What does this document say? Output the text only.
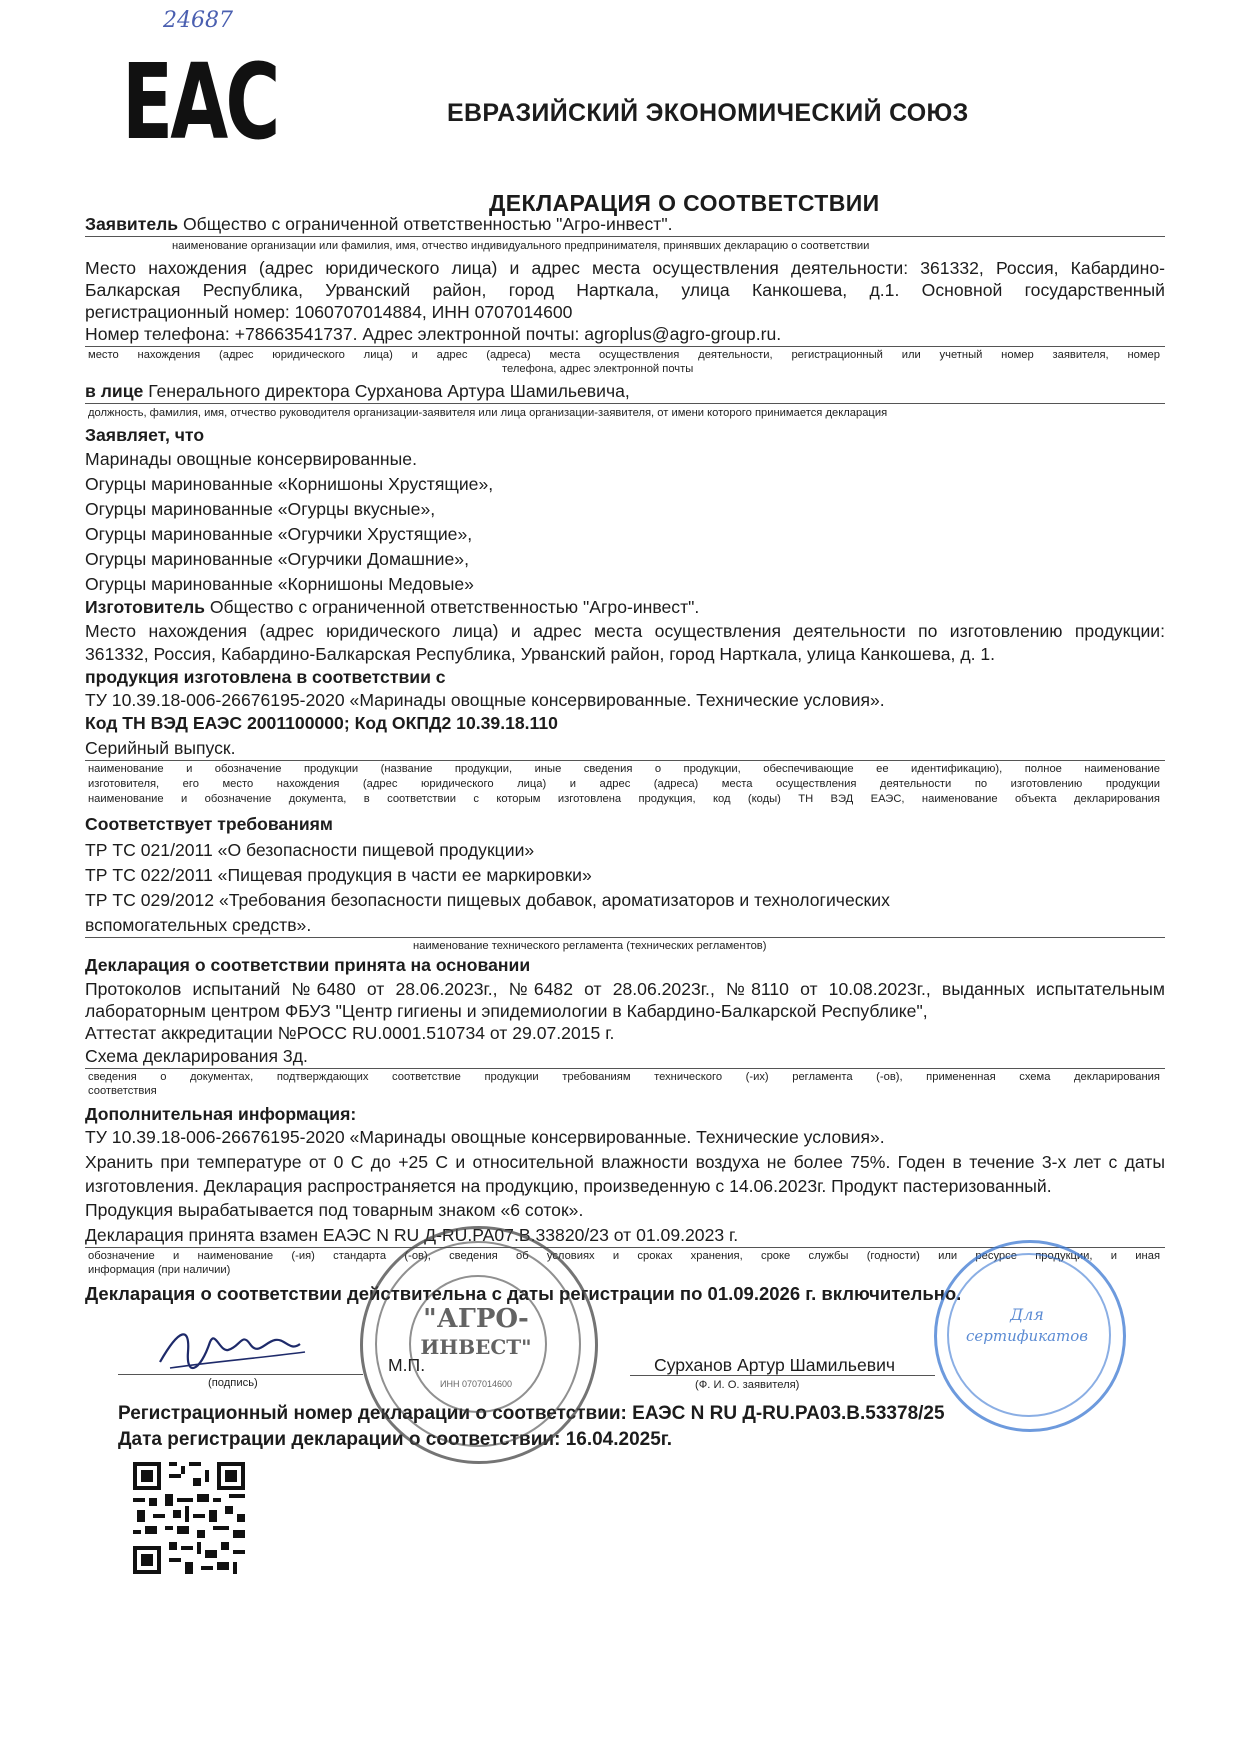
24687
ЕАС	ЕВРАЗИЙСКИЙ ЭКОНОМИЧЕСКИЙ СОЮЗ
ДЕКЛАРАЦИЯ О СООТВЕТСТВИИ
Заявитель Общество с ограниченной ответственностью "Агро-инвест".
наименование организации или фамилия, имя, отчество индивидуального предпринимателя, принявших декларацию о соответствии
Место нахождения (адрес юридического лица) и адрес места осуществления деятельности: 361332, Россия, Кабардино-
Балкарская Республика, Урванский район, город Нарткала, улица Канкошева, д.1. Основной государственный
регистрационный номер: 1060707014884, ИНН 0707014600
Номер телефона: +78663541737. Адрес электронной почты: agroplus@agro-group.ru.
место нахождения (адрес юридического лица) и адрес (адреса) места осуществления деятельности, регистрационный или учетный номер заявителя, номер
телефона, адрес электронной почты
в лице Генерального директора Сурханова Артура Шамильевича,
должность, фамилия, имя, отчество руководителя организации-заявителя или лица организации-заявителя, от имени которого принимается декларация
Заявляет, что
Маринады овощные консервированные.
Огурцы маринованные «Корнишоны Хрустящие»,
Огурцы маринованные «Огурцы вкусные»,
Огурцы маринованные «Огурчики Хрустящие»,
Огурцы маринованные «Огурчики Домашние»,
Огурцы маринованные «Корнишоны Медовые»
Изготовитель Общество с ограниченной ответственностью "Агро-инвест".
Место нахождения (адрес юридического лица) и адрес места осуществления деятельности по изготовлению продукции:
361332, Россия, Кабардино-Балкарская Республика, Урванский район, город Нарткала, улица Канкошева, д. 1.
продукция изготовлена в соответствии с
ТУ 10.39.18-006-26676195-2020 «Маринады овощные консервированные. Технические условия».
Код ТН ВЭД ЕАЭС 2001100000; Код ОКПД2 10.39.18.110
Серийный выпуск.
наименование и обозначение продукции (название продукции, иные сведения о продукции, обеспечивающие ее идентификацию), полное наименование
изготовителя, его место нахождения (адрес юридического лица) и адрес (адреса) места осуществления деятельности по изготовлению продукции
наименование и обозначение документа, в соответствии с которым изготовлена продукция, код (коды) ТН ВЭД ЕАЭС, наименование объекта декларирования
Соответствует требованиям
ТР ТС 021/2011 «О безопасности пищевой продукции»
ТР ТС 022/2011 «Пищевая продукция в части ее маркировки»
ТР ТС 029/2012 «Требования безопасности пищевых добавок, ароматизаторов и технологических
вспомогательных средств».
наименование технического регламента (технических регламентов)
Декларация о соответствии принята на основании
Протоколов испытаний №6480 от 28.06.2023г., №6482 от 28.06.2023г., №8110 от 10.08.2023г., выданных испытательным
лабораторным центром ФБУЗ "Центр гигиены и эпидемиологии в Кабардино-Балкарской Республике",
Аттестат аккредитации №РОСС RU.0001.510734 от 29.07.2015 г.
Схема декларирования 3д.
сведения о документах, подтверждающих соответствие продукции требованиям технического (-их) регламента (-ов), примененная схема декларирования
соответствия
Дополнительная информация:
ТУ 10.39.18-006-26676195-2020 «Маринады овощные консервированные. Технические условия».
Хранить при температуре от 0 С до +25 С и относительной влажности воздуха не более 75%. Годен в течение 3-х лет с даты
изготовления. Декларация распространяется на продукцию, произведенную с 14.06.2023г. Продукт пастеризованный.
Продукция вырабатывается под товарным знаком «6 соток».
Декларация принята взамен ЕАЭС N RU Д-RU.PA07.B.33820/23 от 01.09.2023 г.
обозначение и наименование (-ия) стандарта (-ов), сведения об условиях и сроках хранения, сроке службы (годности) или ресурсе продукции, и иная
информация (при наличии)
Декларация о соответствии действительна с даты регистрации по 01.09.2026 г. включительно.
(подпись)
М.П.	Сурханов Артур Шамильевич
(Ф. И. О. заявителя)
Регистрационный номер декларации о соответствии: ЕАЭС N RU Д-RU.PA03.B.53378/25
Дата регистрации декларации о соответствии: 16.04.2025г.
"АГРО-
ИНВЕСТ"
ИНН 0707014600
Для
сертификатов
